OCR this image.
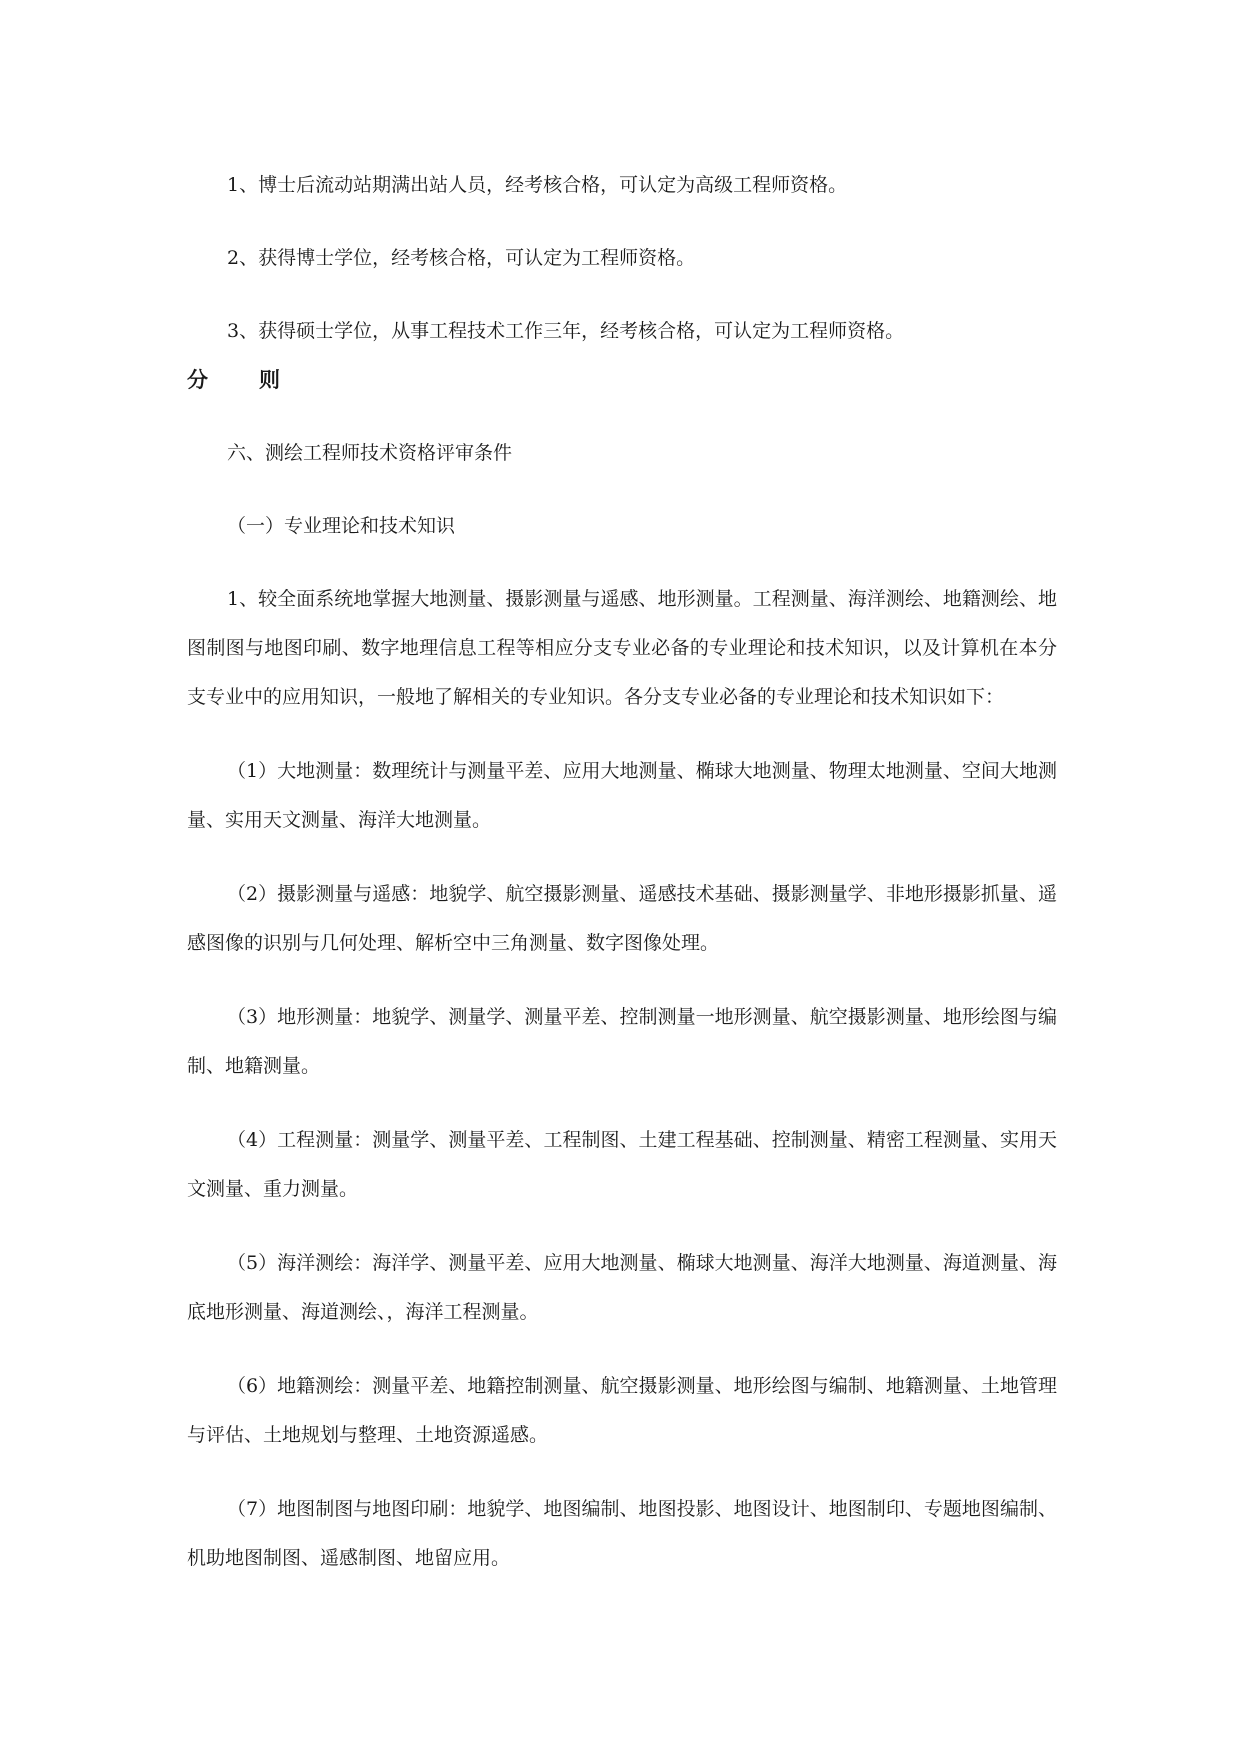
1、博士后流动站期满出站人员，经考核合格，可认定为高级工程师资格。

2、获得博士学位，经考核合格，可认定为工程师资格。

3、获得硕士学位，从事工程技术工作三年，经考核合格，可认定为工程师资格。

分 则

六、测绘工程师技术资格评审条件

（一）专业理论和技术知识

1、较全面系统地掌握大地测量、摄影测量与遥感、地形测量。工程测量、海洋测绘、地籍测绘、地图制图与地图印刷、数字地理信息工程等相应分支专业必备的专业理论和技术知识，以及计算机在本分支专业中的应用知识，一般地了解相关的专业知识。各分支专业必备的专业理论和技术知识如下：

（1）大地测量：数理统计与测量平差、应用大地测量、椭球大地测量、物理太地测量、空间大地测量、实用天文测量、海洋大地测量。

（2）摄影测量与遥感：地貌学、航空摄影测量、遥感技术基础、摄影测量学、非地形摄影抓量、遥感图像的识别与几何处理、解析空中三角测量、数字图像处理。

（3）地形测量：地貌学、测量学、测量平差、控制测量一地形测量、航空摄影测量、地形绘图与编制、地籍测量。

（4）工程测量：测量学、测量平差、工程制图、土建工程基础、控制测量、精密工程测量、实用天文测量、重力测量。

（5）海洋测绘：海洋学、测量平差、应用大地测量、椭球大地测量、海洋大地测量、海道测量、海底地形测量、海道测绘、，海洋工程测量。

（6）地籍测绘：测量平差、地籍控制测量、航空摄影测量、地形绘图与编制、地籍测量、土地管理与评估、土地规划与整理、土地资源遥感。

（7）地图制图与地图印刷：地貌学、地图编制、地图投影、地图设计、地图制印、专题地图编制、机助地图制图、遥感制图、地留应用。
